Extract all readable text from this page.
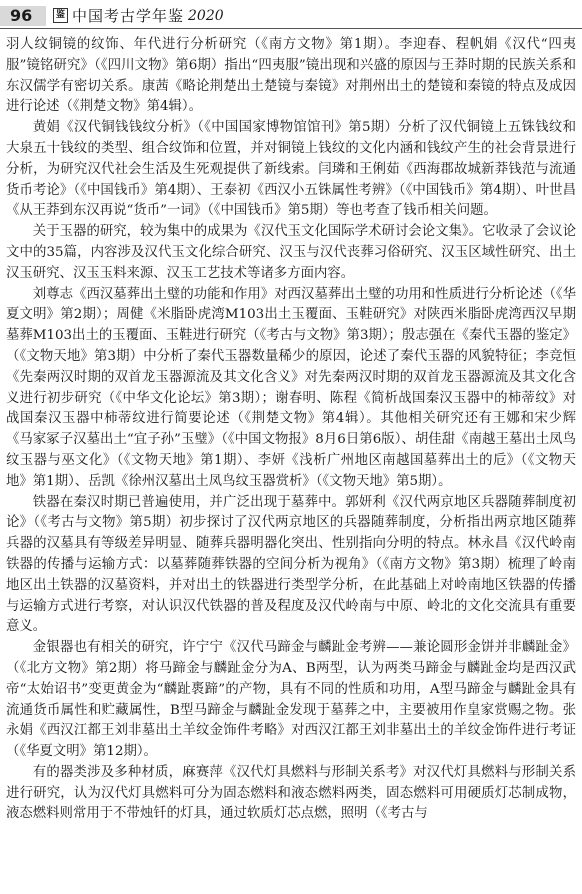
96	鉴 中国考古学年鉴 2020

羽人纹铜镜的纹饰、年代进行分析研究（《南方文物》第1期）。李迎春、程帆娟《汉代“四夷服”镜铭研究》（《四川文物》第6期）指出“四夷服”镜出现和兴盛的原因与王莽时期的民族关系和东汉儒学有密切关系。康茜《略论荆楚出土楚镜与秦镜》对荆州出土的楚镜和秦镜的特点及成因进行论述（《荆楚文物》第4辑）。

黄娟《汉代铜钱钱纹分析》（《中国国家博物馆馆刊》第5期）分析了汉代铜镜上五铢钱纹和大泉五十钱纹的类型、组合纹饰和位置，并对铜镜上钱纹的文化内涵和钱纹产生的社会背景进行分析，为研究汉代社会生活及生死观提供了新线索。闫璘和王俐茹《西海郡故城新莽钱范与流通货币考论》（《中国钱币》第4期）、王泰初《西汉小五铢属性考辨》（《中国钱币》第4期）、叶世昌《从王莽到东汉再说“货币”一词》（《中国钱币》第5期）等也考查了钱币相关问题。

关于玉器的研究，较为集中的成果为《汉代玉文化国际学术研讨会论文集》。它收录了会议论文中的35篇，内容涉及汉代玉文化综合研究、汉玉与汉代丧葬习俗研究、汉玉区域性研究、出土汉玉研究、汉玉玉料来源、汉玉工艺技术等诸多方面内容。

刘尊志《西汉墓葬出土璧的功能和作用》对西汉墓葬出土璧的功用和性质进行分析论述（《华夏文明》第2期）；周健《米脂卧虎湾M103出土玉覆面、玉鞋研究》对陕西米脂卧虎湾西汉早期墓葬M103出土的玉覆面、玉鞋进行研究（《考古与文物》第3期）；殷志强在《秦代玉器的鉴定》（《文物天地》第3期）中分析了秦代玉器数量稀少的原因，论述了秦代玉器的风貌特征；李竞恒《先秦两汉时期的双首龙玉器源流及其文化含义》对先秦两汉时期的双首龙玉器源流及其文化含义进行初步研究（《中华文化论坛》第3期）；谢春明、陈程《简析战国秦汉玉器中的柿蒂纹》对战国秦汉玉器中柿蒂纹进行简要论述（《荆楚文物》第4辑）。其他相关研究还有王娜和宋少辉《马家冢子汉墓出土“宜子孙”玉璧》（《中国文物报》8月6日第6版）、胡佳甜《南越王墓出土凤鸟纹玉器与巫文化》（《文物天地》第1期）、李妍《浅析广州地区南越国墓葬出土的卮》（《文物天地》第1期）、岳凯《徐州汉墓出土凤鸟纹玉器赏析》（《文物天地》第5期）。

铁器在秦汉时期已普遍使用，并广泛出现于墓葬中。郭妍利《汉代两京地区兵器随葬制度初论》（《考古与文物》第5期）初步探讨了汉代两京地区的兵器随葬制度，分析指出两京地区随葬兵器的汉墓具有等级差异明显、随葬兵器明器化突出、性别指向分明的特点。林永昌《汉代岭南铁器的传播与运输方式：以墓葬随葬铁器的空间分析为视角》（《南方文物》第3期）梳理了岭南地区出土铁器的汉墓资料，并对出土的铁器进行类型学分析，在此基础上对岭南地区铁器的传播与运输方式进行考察，对认识汉代铁器的普及程度及汉代岭南与中原、岭北的文化交流具有重要意义。

金银器也有相关的研究，许宁宁《汉代马蹄金与麟趾金考辨——兼论圆形金饼并非麟趾金》（《北方文物》第2期）将马蹄金与麟趾金分为A、B两型，认为两类马蹄金与麟趾金均是西汉武帝“太始诏书”变更黄金为“麟趾褭蹄”的产物，具有不同的性质和功用，A型马蹄金与麟趾金具有流通货币属性和贮藏属性，B型马蹄金与麟趾金发现于墓葬之中，主要被用作皇家赏赐之物。张永娟《西汉江都王刘非墓出土羊纹金饰件考略》对西汉江都王刘非墓出土的羊纹金饰件进行考证（《华夏文明》第12期）。

有的器类涉及多种材质，麻赛萍《汉代灯具燃料与形制关系考》对汉代灯具燃料与形制关系进行研究，认为汉代灯具燃料可分为固态燃料和液态燃料两类，固态燃料可用硬质灯芯制成物，液态燃料则常用于不带烛钎的灯具，通过软质灯芯点燃，照明（《考古与
